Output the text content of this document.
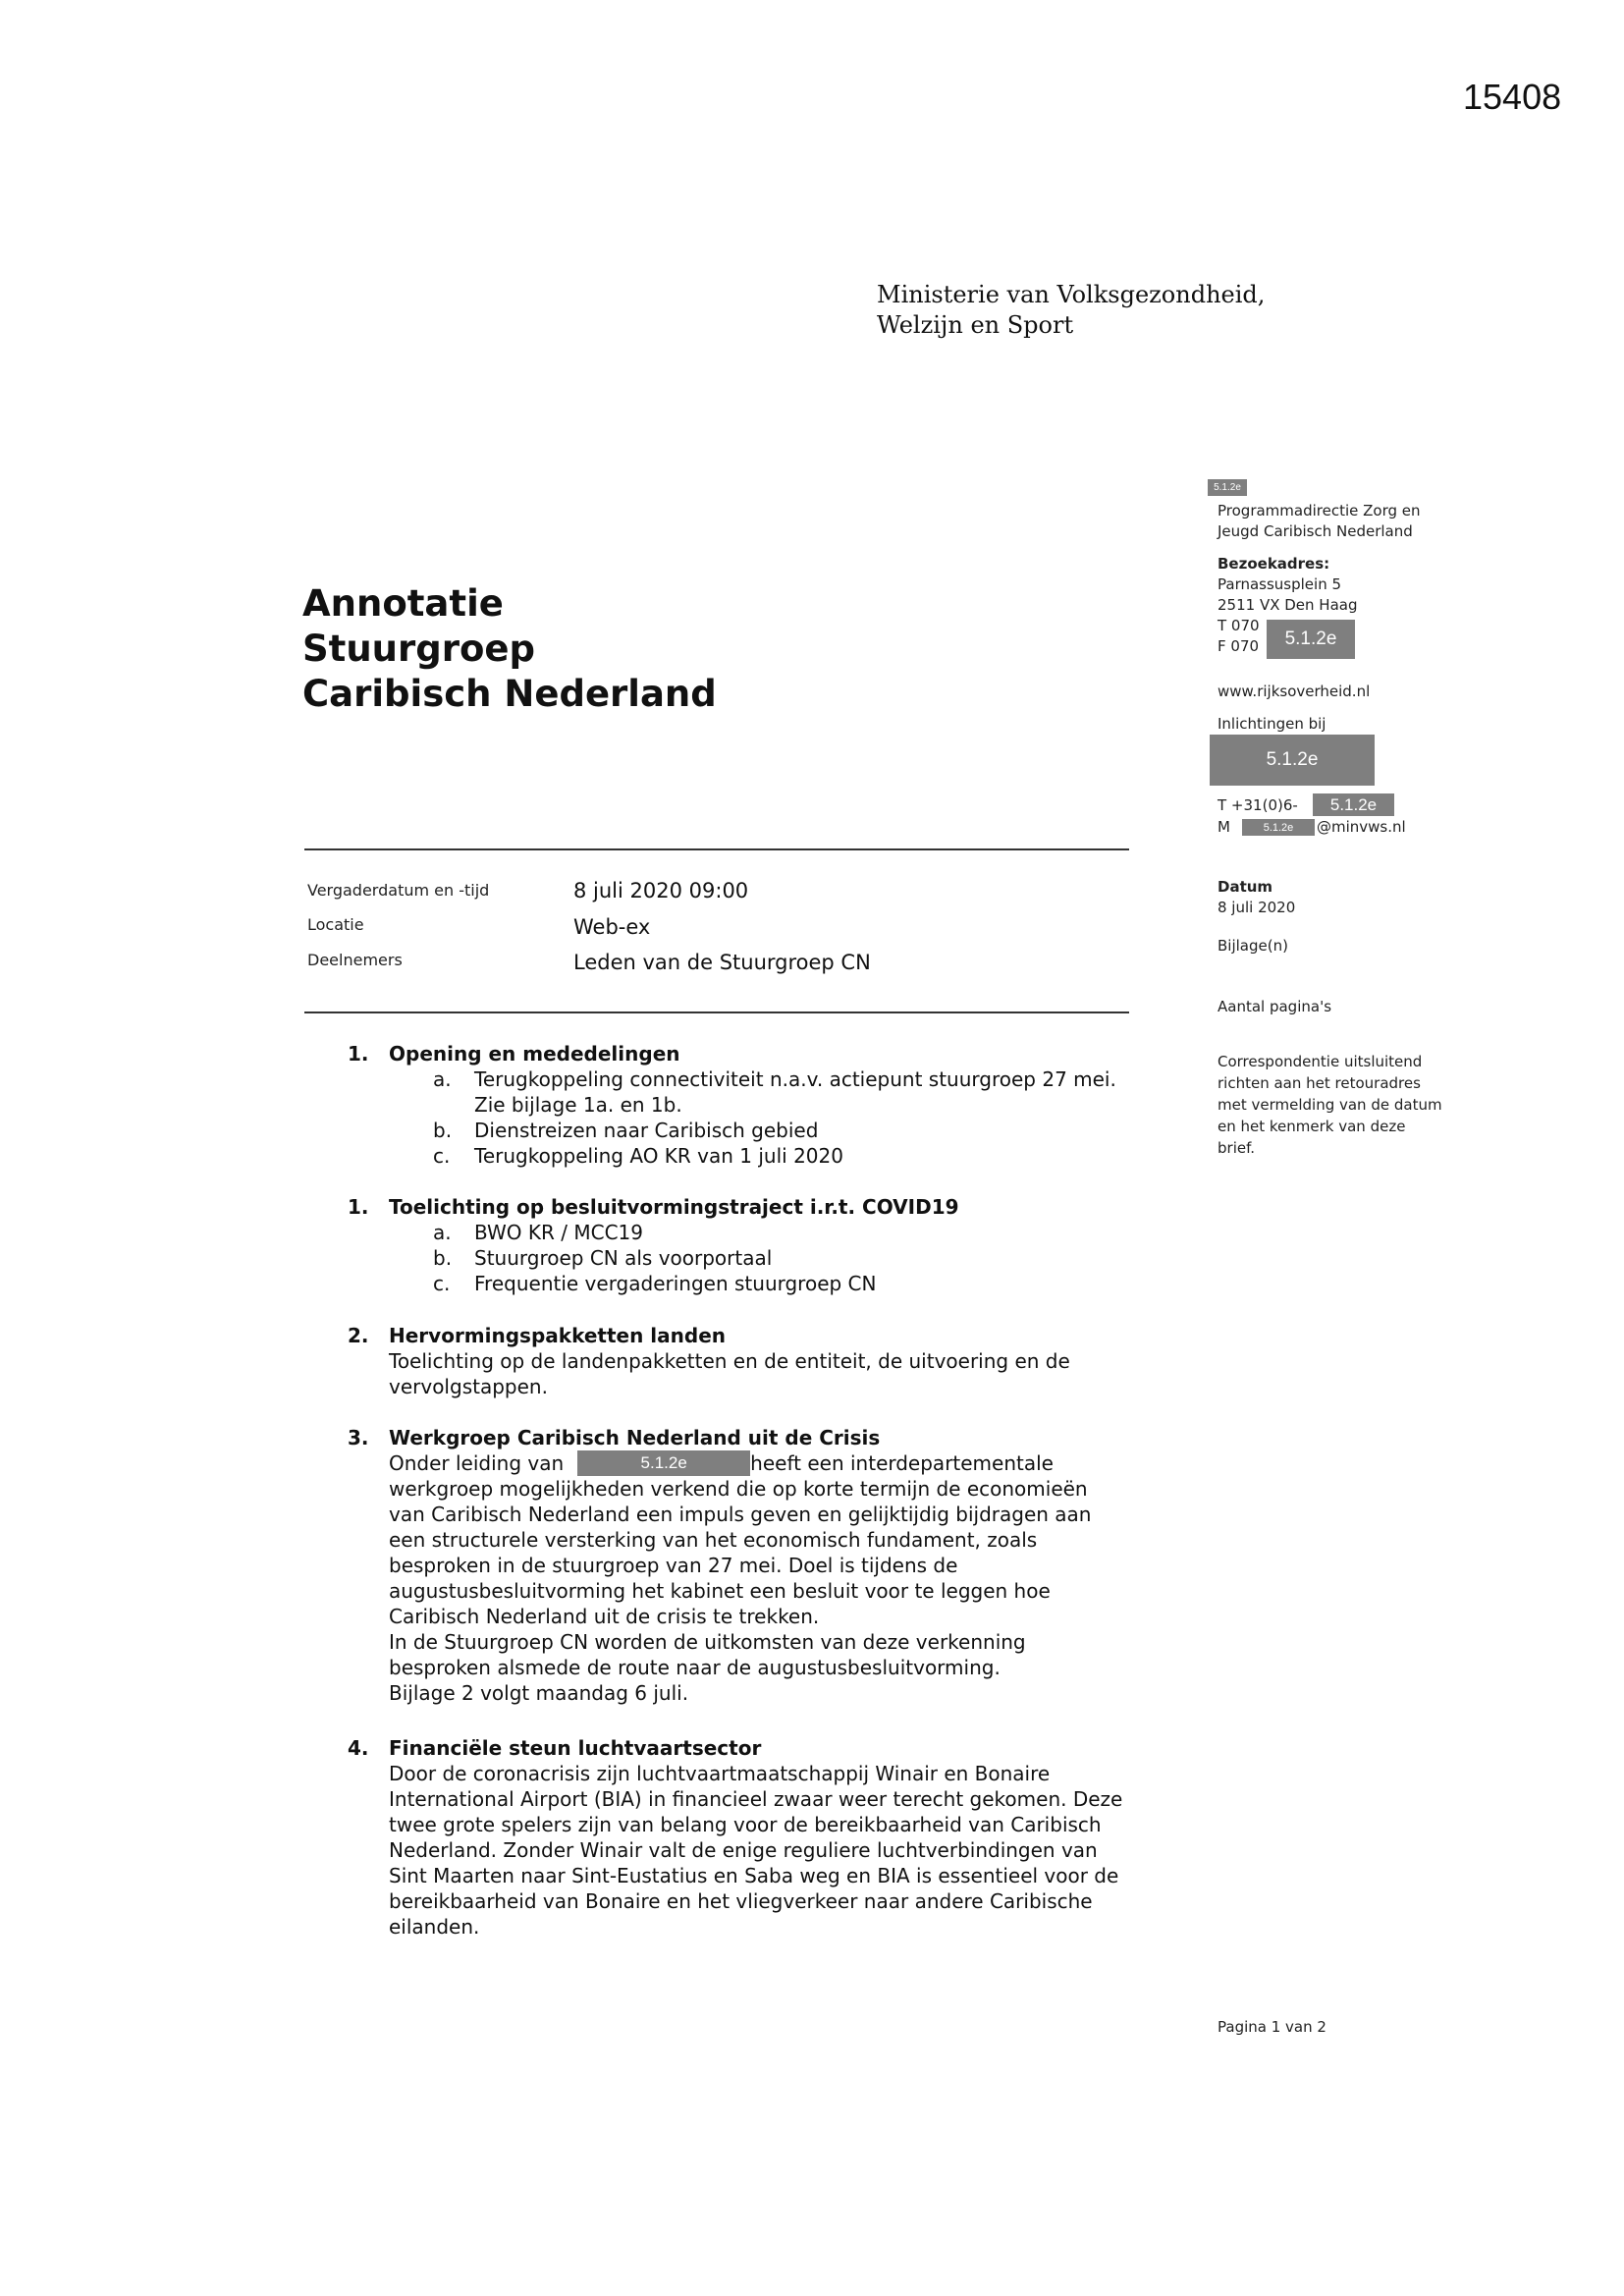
15408
Ministerie van Volksgezondheid,
Welzijn en Sport
Annotatie
Stuurgroep
Caribisch Nederland
5.1.2e
Programmadirectie Zorg en
Jeugd Caribisch Nederland
Bezoekadres:
Parnassusplein 5
2511 VX Den Haag
T 070
F 070	5.1.2e
www.rijksoverheid.nl
Inlichtingen bij
5.1.2e
T +31(0)6-	5.1.2e
M	5.1.2e	@minvws.nl
Datum
8 juli 2020
Bijlage(n)
Aantal pagina's
Correspondentie uitsluitend
richten aan het retouradres
met vermelding van de datum
en het kenmerk van deze
brief.
Vergaderdatum en -tijd	8 juli 2020 09:00
Locatie	Web-ex
Deelnemers	Leden van de Stuurgroep CN
1. Opening en mededelingen
a. Terugkoppeling connectiviteit n.a.v. actiepunt stuurgroep 27 mei.
Zie bijlage 1a. en 1b.
b. Dienstreizen naar Caribisch gebied
c. Terugkoppeling AO KR van 1 juli 2020
1. Toelichting op besluitvormingstraject i.r.t. COVID19
a. BWO KR / MCC19
b. Stuurgroep CN als voorportaal
c. Frequentie vergaderingen stuurgroep CN
2. Hervormingspakketten landen
Toelichting op de landenpakketten en de entiteit, de uitvoering en de
vervolgstappen.
3. Werkgroep Caribisch Nederland uit de Crisis
Onder leiding van	5.1.2e	heeft een interdepartementale
werkgroep mogelijkheden verkend die op korte termijn de economieën
van Caribisch Nederland een impuls geven en gelijktijdig bijdragen aan
een structurele versterking van het economisch fundament, zoals
besproken in de stuurgroep van 27 mei. Doel is tijdens de
augustusbesluitvorming het kabinet een besluit voor te leggen hoe
Caribisch Nederland uit de crisis te trekken.
In de Stuurgroep CN worden de uitkomsten van deze verkenning
besproken alsmede de route naar de augustusbesluitvorming.
Bijlage 2 volgt maandag 6 juli.
4. Financiële steun luchtvaartsector
Door de coronacrisis zijn luchtvaartmaatschappij Winair en Bonaire
International Airport (BIA) in financieel zwaar weer terecht gekomen. Deze
twee grote spelers zijn van belang voor de bereikbaarheid van Caribisch
Nederland. Zonder Winair valt de enige reguliere luchtverbindingen van
Sint Maarten naar Sint-Eustatius en Saba weg en BIA is essentieel voor de
bereikbaarheid van Bonaire en het vliegverkeer naar andere Caribische
eilanden.
Pagina 1 van 2
